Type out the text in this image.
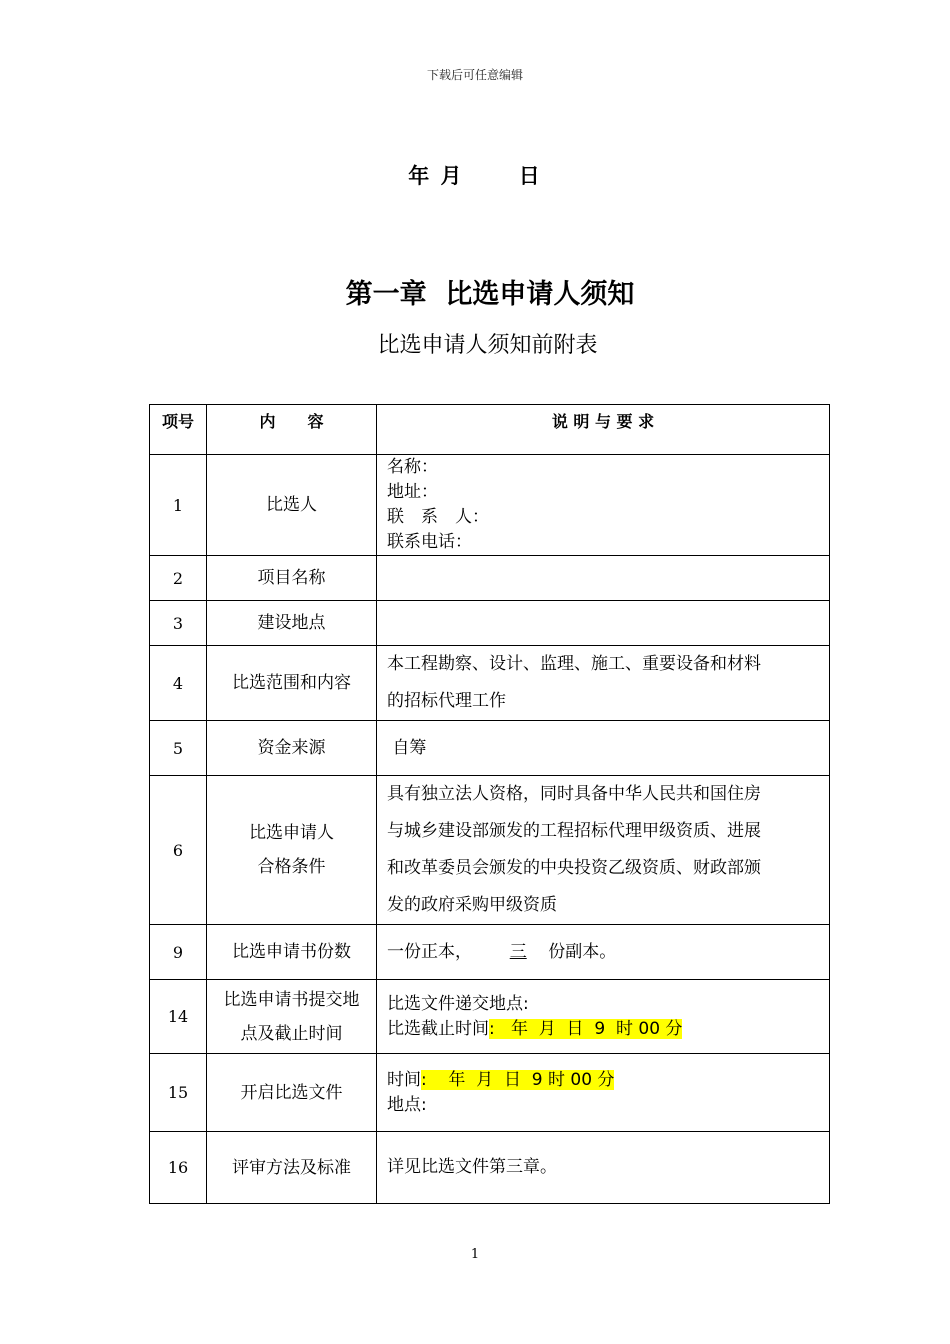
下载后可任意编辑
年 月 　　日
第一章  比选申请人须知
比选申请人须知前附表
项号	内　　容	说 明 与 要 求
1	比选人	名称：
地址：
联　系　人：
联系电话：

2	项目名称	
3	建设地点	
4	比选范围和内容	本工程勘察、设计、监理、施工、重要设备和材料
的招标代理工作

5	资金来源	自筹
6	比选申请人
合格条件	具有独立法人资格，同时具备中华人民共和国住房
与城乡建设部颁发的工程招标代理甲级资质、进展
和改革委员会颁发的中央投资乙级资质、财政部颁
发的政府采购甲级资质

9	比选申请书份数	一份正本， 三 份副本。
14	比选申请书提交地
点及截止时间	比选文件递交地点:
比选截止时间:   年  月  日  9  时 00 分

15	开启比选文件	时间:    年  月  日  9 时 00 分
地点:

16	评审方法及标准	详见比选文件第三章。
1
